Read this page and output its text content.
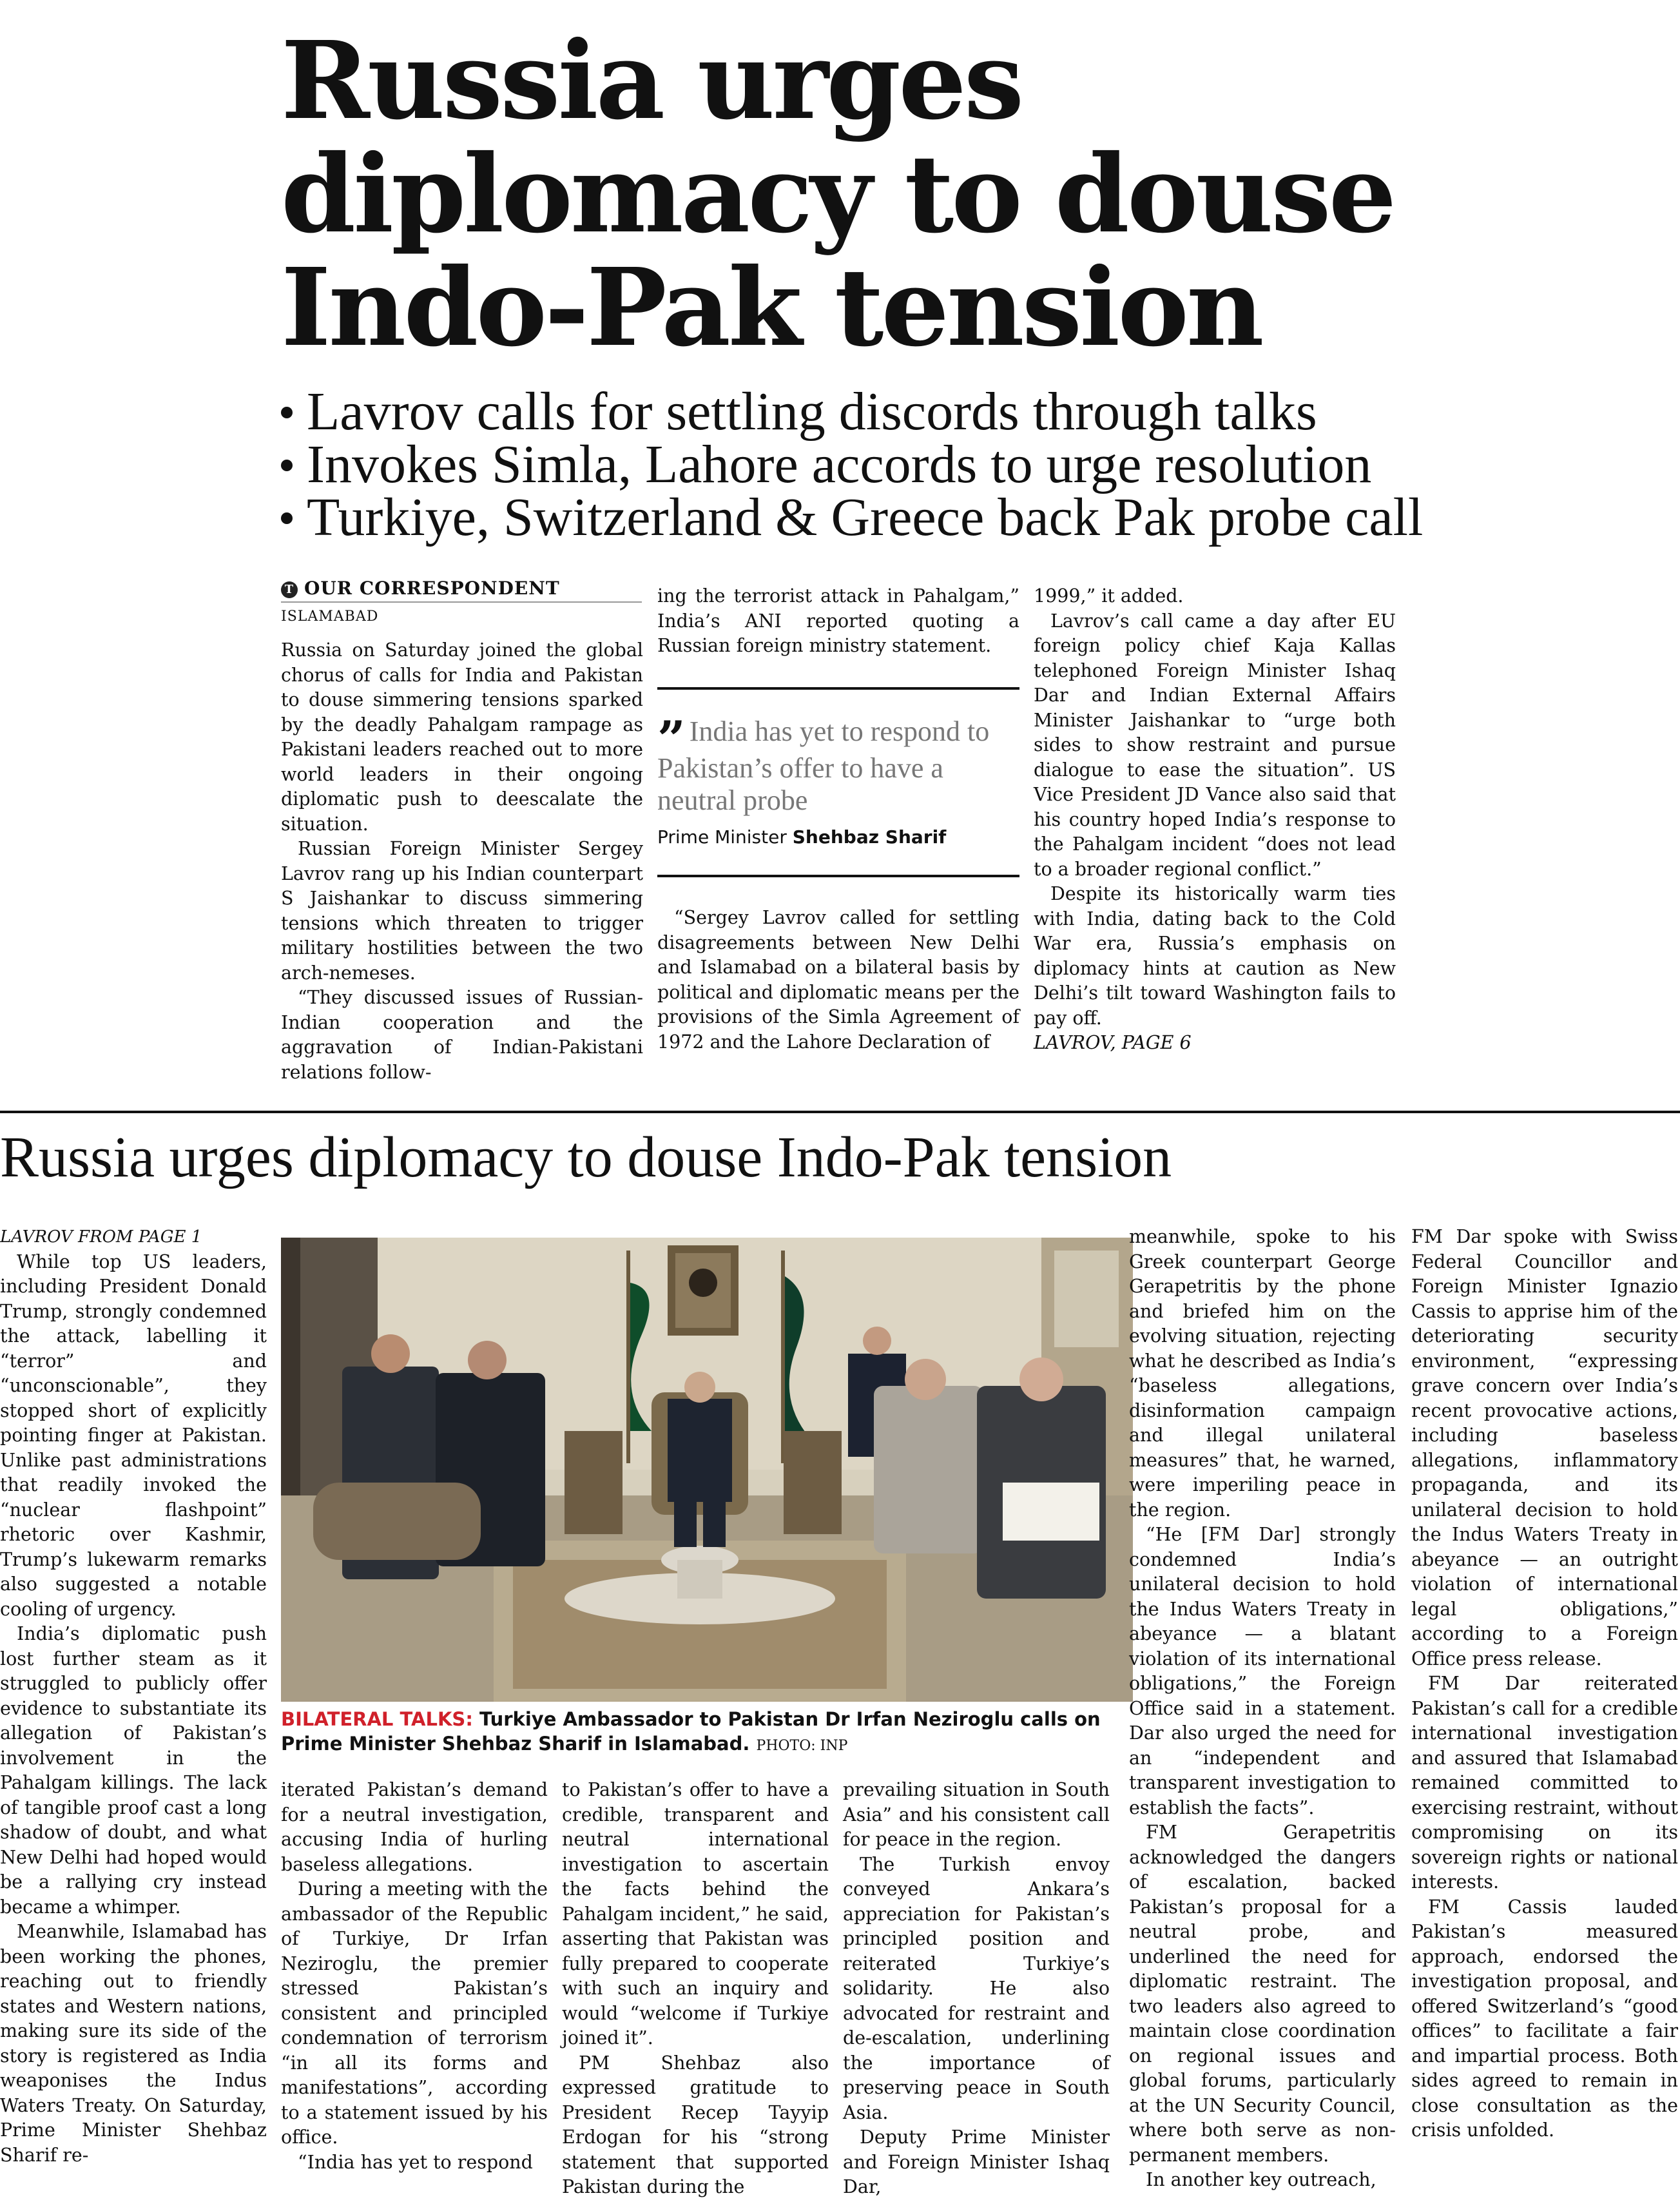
Russia urges
diplomacy to douse
Indo-Pak tension
Lavrov calls for settling discords through talks
Invokes Simla, Lahore accords to urge resolution
Turkiye, Switzerland & Greece back Pak probe call
T OUR CORRESPONDENT
ISLAMABAD

Russia on Saturday joined the global chorus of calls for India and Pakistan to douse simmering tensions sparked by the deadly Pahalgam rampage as Pakistani leaders reached out to more world leaders in their ongoing diplomatic push to deescalate the situation.

Russian Foreign Minister Sergey Lavrov rang up his Indian counterpart S Jaishankar to discuss simmering tensions which threaten to trigger military hostilities between the two arch-nemeses.

“They discussed issues of Russian-Indian cooperation and the aggravation of Indian-Pakistani relations follow-

ing the terrorist attack in Pahalgam,” India’s ANI reported quoting a Russian foreign ministry statement.

” India has yet to respond to Pakistan’s offer to have a neutral probe
Prime Minister Shehbaz Sharif

“Sergey Lavrov called for settling disagreements between New Delhi and Islamabad on a bilateral basis by political and diplomatic means per the provisions of the Simla Agreement of 1972 and the Lahore Declaration of

1999,” it added.

Lavrov’s call came a day after EU foreign policy chief Kaja Kallas telephoned Foreign Minister Ishaq Dar and Indian External Affairs Minister Jaishankar to “urge both sides to show restraint and pursue dialogue to ease the situation”. US Vice President JD Vance also said that his country hoped India’s response to the Pahalgam incident “does not lead to a broader regional conflict.”

Despite its historically warm ties with India, dating back to the Cold War era, Russia’s emphasis on diplomacy hints at caution as New Delhi’s tilt toward Washington fails to pay off.

LAVROV, PAGE 6

Russia urges diplomacy to douse Indo-Pak tension

LAVROV FROM PAGE 1

While top US leaders, including President Donald Trump, strongly condemned the attack, labelling it “terror” and “unconscionable”, they stopped short of explicitly pointing finger at Pakistan. Unlike past administrations that readily invoked the “nuclear flashpoint” rhetoric over Kashmir, Trump’s lukewarm remarks also suggested a notable cooling of urgency.

India’s diplomatic push lost further steam as it struggled to publicly offer evidence to substantiate its allegation of Pakistan’s involvement in the Pahalgam killings. The lack of tangible proof cast a long shadow of doubt, and what New Delhi had hoped would be a rallying cry instead became a whimper.

Meanwhile, Islamabad has been working the phones, reaching out to friendly states and Western nations, making sure its side of the story is registered as India weaponises the Indus Waters Treaty. On Saturday, Prime Minister Shehbaz Sharif re-

BILATERAL TALKS: Turkiye Ambassador to Pakistan Dr Irfan Neziroglu calls on Prime Minister Shehbaz Sharif in Islamabad. PHOTO: INP

iterated Pakistan’s demand for a neutral investigation, accusing India of hurling baseless allegations.

During a meeting with the ambassador of the Republic of Turkiye, Dr Irfan Neziroglu, the premier stressed Pakistan’s consistent and principled condemnation of terrorism “in all its forms and manifestations”, according to a statement issued by his office.

“India has yet to respond

to Pakistan’s offer to have a credible, transparent and neutral international investigation to ascertain the facts behind the Pahalgam incident,” he said, asserting that Pakistan was fully prepared to cooperate with such an inquiry and would “welcome if Turkiye joined it”.

PM Shehbaz also expressed gratitude to President Recep Tayyip Erdogan for his “strong statement that supported Pakistan during the

prevailing situation in South Asia” and his consistent call for peace in the region.

The Turkish envoy conveyed Ankara’s appreciation for Pakistan’s principled position and reiterated Turkiye’s solidarity. He also advocated for restraint and de-escalation, underlining the importance of preserving peace in South Asia.

Deputy Prime Minister and Foreign Minister Ishaq Dar,

meanwhile, spoke to his Greek counterpart George Gerapetritis by the phone and briefed him on the evolving situation, rejecting what he described as India’s “baseless allegations, disinformation campaign and illegal unilateral measures” that, he warned, were imperiling peace in the region.

“He [FM Dar] strongly condemned India’s unilateral decision to hold the Indus Waters Treaty in abeyance — a blatant violation of its international obligations,” the Foreign Office said in a statement. Dar also urged the need for an “independent and transparent investigation to establish the facts”.

FM Gerapetritis acknowledged the dangers of escalation, backed Pakistan’s proposal for a neutral probe, and underlined the need for diplomatic restraint. The two leaders also agreed to maintain close coordination on regional issues and global forums, particularly at the UN Security Council, where both serve as non-permanent members.

In another key outreach,

FM Dar spoke with Swiss Federal Councillor and Foreign Minister Ignazio Cassis to apprise him of the deteriorating security environment, “expressing grave concern over India’s recent provocative actions, including baseless allegations, inflammatory propaganda, and its unilateral decision to hold the Indus Waters Treaty in abeyance — an outright violation of international legal obligations,” according to a Foreign Office press release.

FM Dar reiterated Pakistan’s call for a credible international investigation and assured that Islamabad remained committed to exercising restraint, without compromising on its sovereign rights or national interests.

FM Cassis lauded Pakistan’s measured approach, endorsed the investigation proposal, and offered Switzerland’s “good offices” to facilitate a fair and impartial process. Both sides agreed to remain in close consultation as the crisis unfolded.
